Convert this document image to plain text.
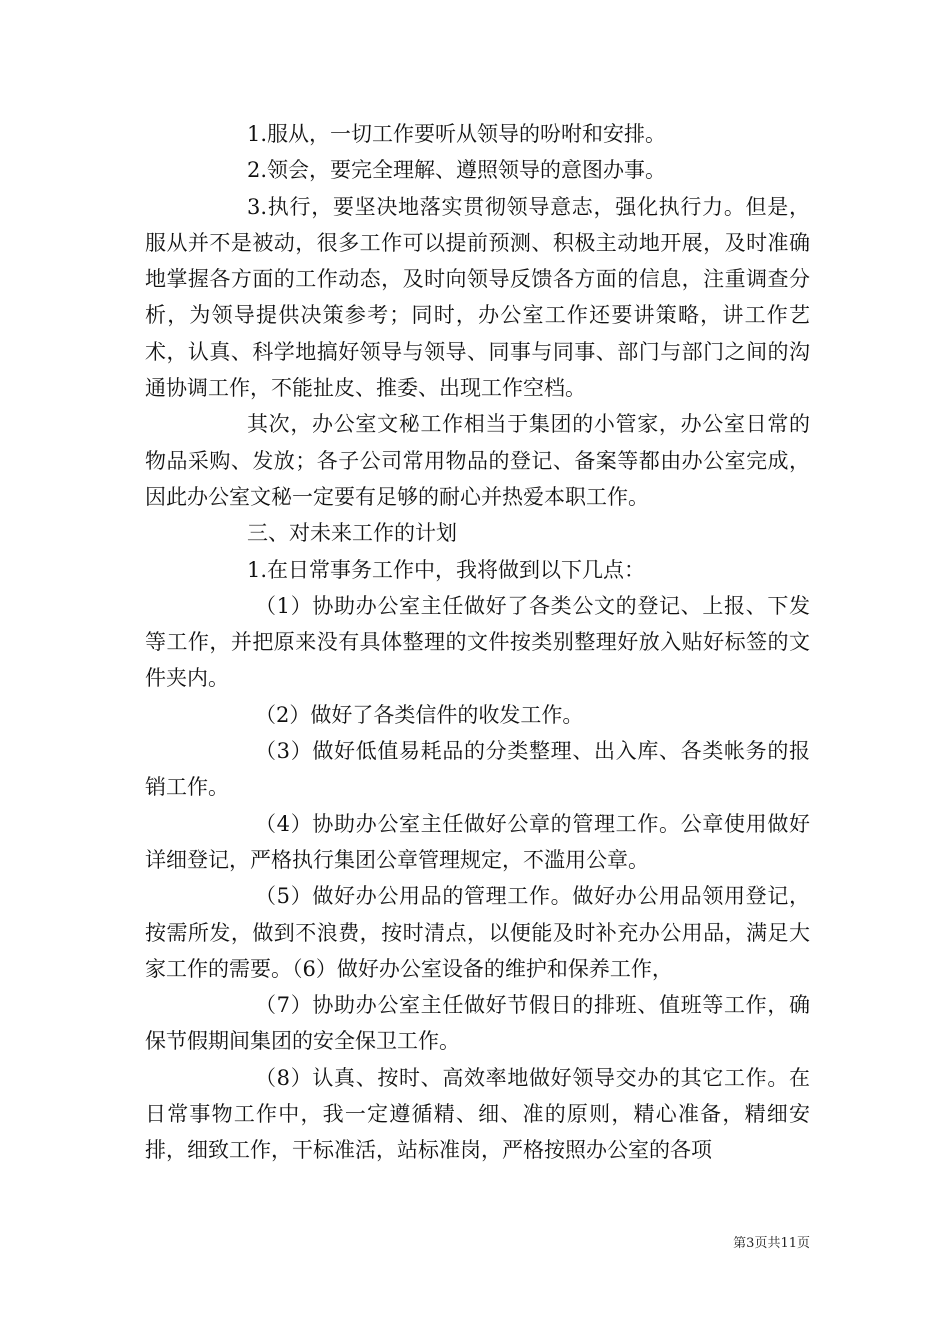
1.服从，一切工作要听从领导的吩咐和安排。

2.领会，要完全理解、遵照领导的意图办事。

3.执行，要坚决地落实贯彻领导意志，强化执行力。但是，服从并不是被动，很多工作可以提前预测、积极主动地开展，及时准确地掌握各方面的工作动态，及时向领导反馈各方面的信息，注重调查分析，为领导提供决策参考；同时，办公室工作还要讲策略，讲工作艺术，认真、科学地搞好领导与领导、同事与同事、部门与部门之间的沟通协调工作，不能扯皮、推委、出现工作空档。

其次，办公室文秘工作相当于集团的小管家，办公室日常的物品采购、发放；各子公司常用物品的登记、备案等都由办公室完成，因此办公室文秘一定要有足够的耐心并热爱本职工作。

三、对未来工作的计划

1.在日常事务工作中，我将做到以下几点：

（1）协助办公室主任做好了各类公文的登记、上报、下发等工作，并把原来没有具体整理的文件按类别整理好放入贴好标签的文件夹内。

（2）做好了各类信件的收发工作。

（3）做好低值易耗品的分类整理、出入库、各类帐务的报销工作。

（4）协助办公室主任做好公章的管理工作。公章使用做好详细登记，严格执行集团公章管理规定，不滥用公章。

（5）做好办公用品的管理工作。做好办公用品领用登记，按需所发，做到不浪费，按时清点，以便能及时补充办公用品，满足大家工作的需要。（6）做好办公室设备的维护和保养工作，

（7）协助办公室主任做好节假日的排班、值班等工作，确保节假期间集团的安全保卫工作。

（8）认真、按时、高效率地做好领导交办的其它工作。在日常事物工作中，我一定遵循精、细、准的原则，精心准备，精细安排，细致工作，干标准活，站标准岗，严格按照办公室的各项

第3页共11页
